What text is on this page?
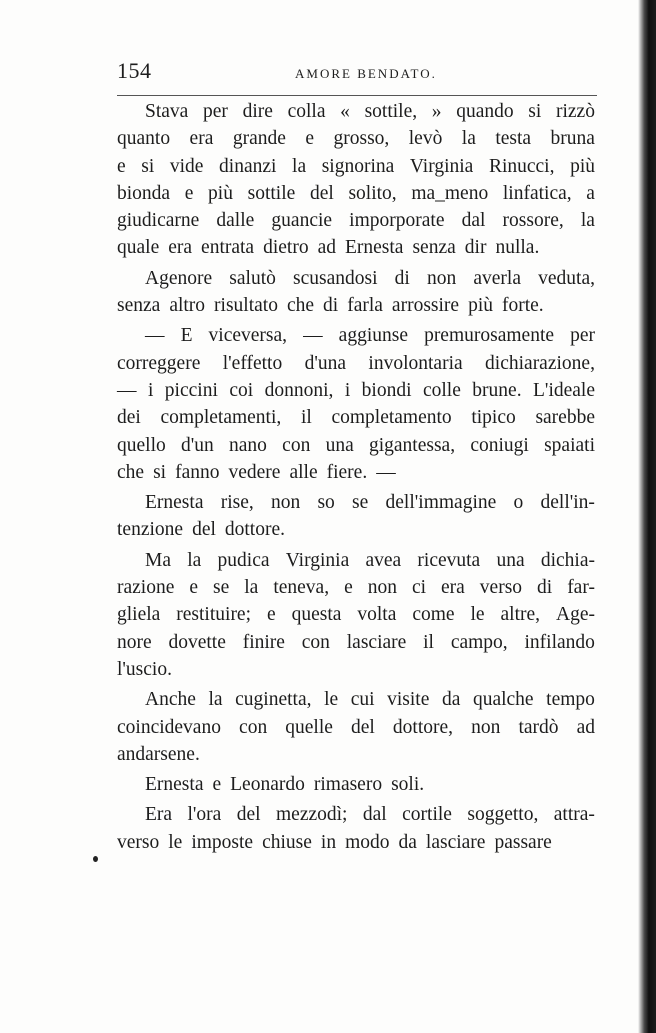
154	AMORE BENDATO.
Stava per dire colla « sottile, » quando si rizzò
quanto era grande e grosso, levò la testa bruna
e si vide dinanzi la signorina Virginia Rinucci, più
bionda e più sottile del solito, ma_meno linfatica, a
giudicarne dalle guancie imporporate dal rossore, la
quale era entrata dietro ad Ernesta senza dir nulla.
Agenore salutò scusandosi di non averla veduta,
senza altro risultato che di farla arrossire più forte.
— E viceversa, — aggiunse premurosamente per
correggere l'effetto d'una involontaria dichiarazione,
— i piccini coi donnoni, i biondi colle brune. L'ideale
dei completamenti, il completamento tipico sarebbe
quello d'un nano con una gigantessa, coniugi spaiati
che si fanno vedere alle fiere. —
Ernesta rise, non so se dell'immagine o dell'in-
tenzione del dottore.
Ma la pudica Virginia avea ricevuta una dichia-
razione e se la teneva, e non ci era verso di far-
gliela restituire; e questa volta come le altre, Age-
nore dovette finire con lasciare il campo, infilando
l'uscio.
Anche la cuginetta, le cui visite da qualche tempo
coincidevano con quelle del dottore, non tardò ad
andarsene.
Ernesta e Leonardo rimasero soli.
Era l'ora del mezzodì; dal cortile soggetto, attra-
verso le imposte chiuse in modo da lasciare passare
